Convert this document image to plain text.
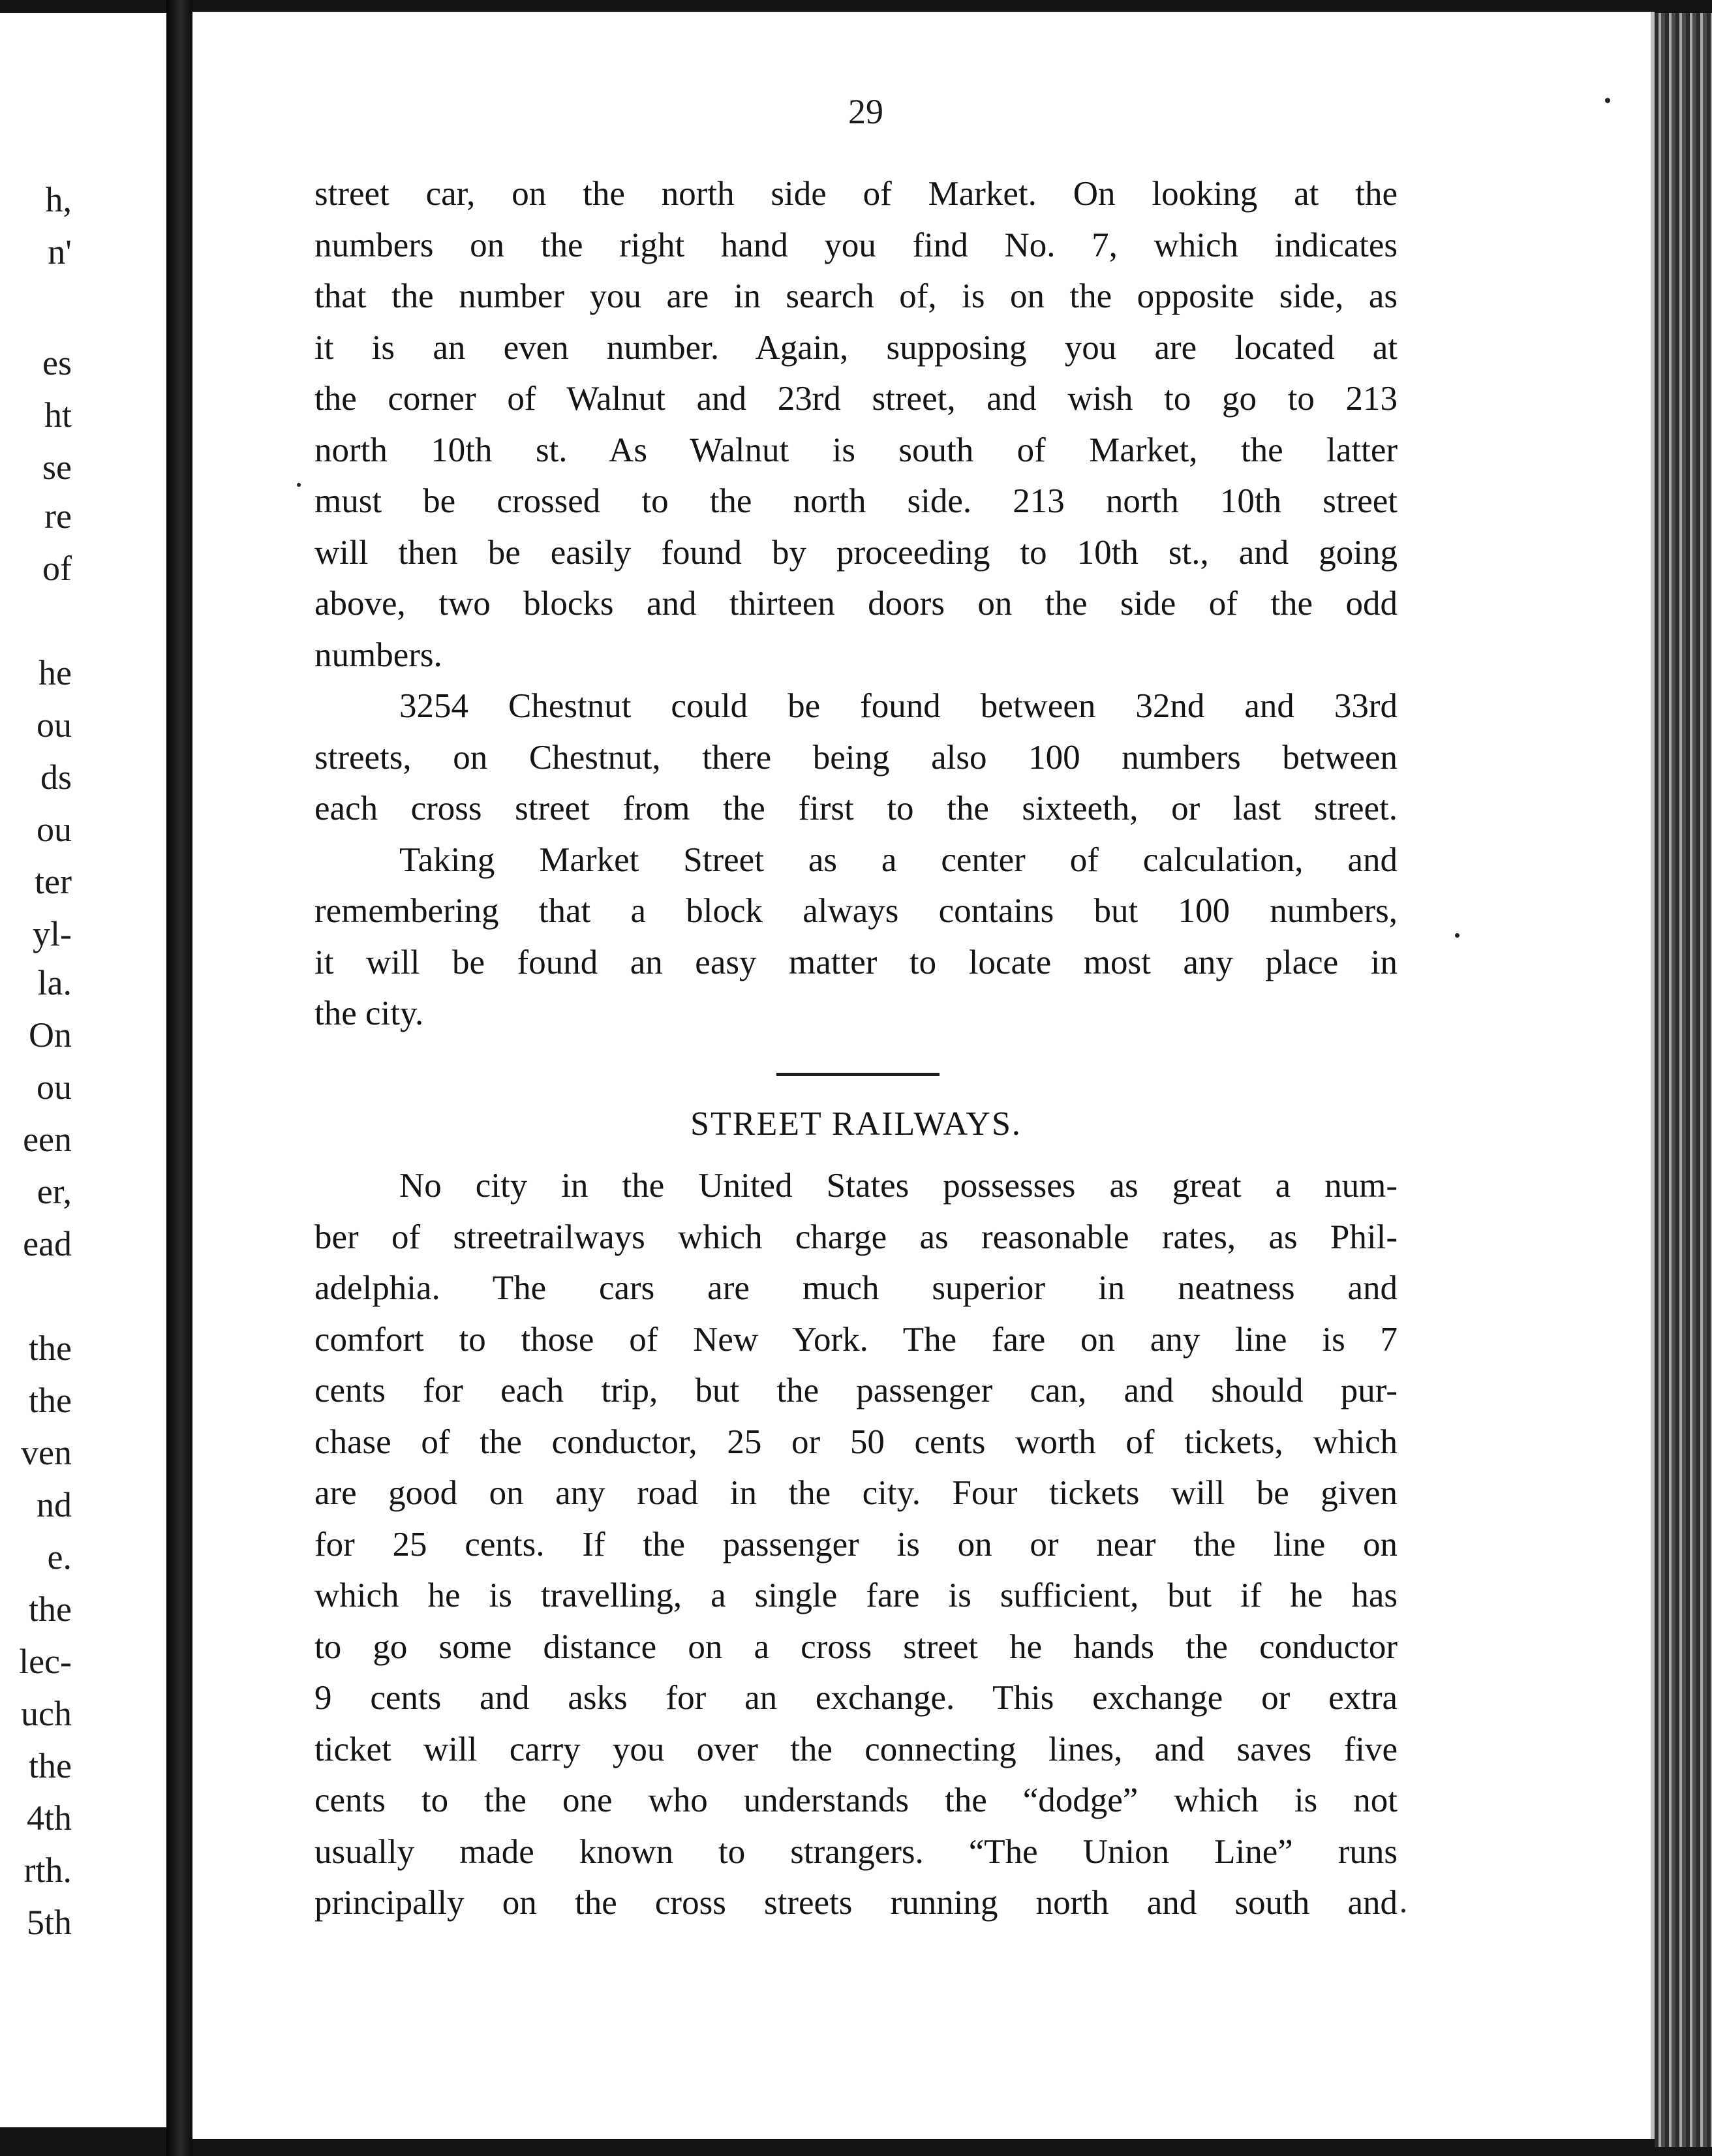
h,
n'
es
ht
se
re
of
he
ou
ds
ou
ter
yl-
la.
On
ou
een
er,
ead
the
the
ven
nd
e.
the
lec-
uch
the
4th
rth.
5th
29
street car, on the north side of Market. On looking at the
numbers on the right hand you find No. 7, which indicates
that the number you are in search of, is on the opposite side, as
it is an even number. Again, supposing you are located at
the corner of Walnut and 23rd street, and wish to go to 213
north 10th st. As Walnut is south of Market, the latter
must be crossed to the north side. 213 north 10th street
will then be easily found by proceeding to 10th st., and going
above, two blocks and thirteen doors on the side of the odd
numbers.
3254 Chestnut could be found between 32nd and 33rd
streets, on Chestnut, there being also 100 numbers between
each cross street from the first to the sixteeth, or last street.
Taking Market Street as a center of calculation, and
remembering that a block always contains but 100 numbers,
it will be found an easy matter to locate most any place in
the city.
STREET RAILWAYS.
No city in the United States possesses as great a num-
ber of streetrailways which charge as reasonable rates, as Phil-
adelphia. The cars are much superior in neatness and
comfort to those of New York. The fare on any line is 7
cents for each trip, but the passenger can, and should pur-
chase of the conductor, 25 or 50 cents worth of tickets, which
are good on any road in the city. Four tickets will be given
for 25 cents. If the passenger is on or near the line on
which he is travelling, a single fare is sufficient, but if he has
to go some distance on a cross street he hands the conductor
9 cents and asks for an exchange. This exchange or extra
ticket will carry you over the connecting lines, and saves five
cents to the one who understands the “dodge” which is not
usually made known to strangers. “The Union Line” runs
principally on the cross streets running north and south and
